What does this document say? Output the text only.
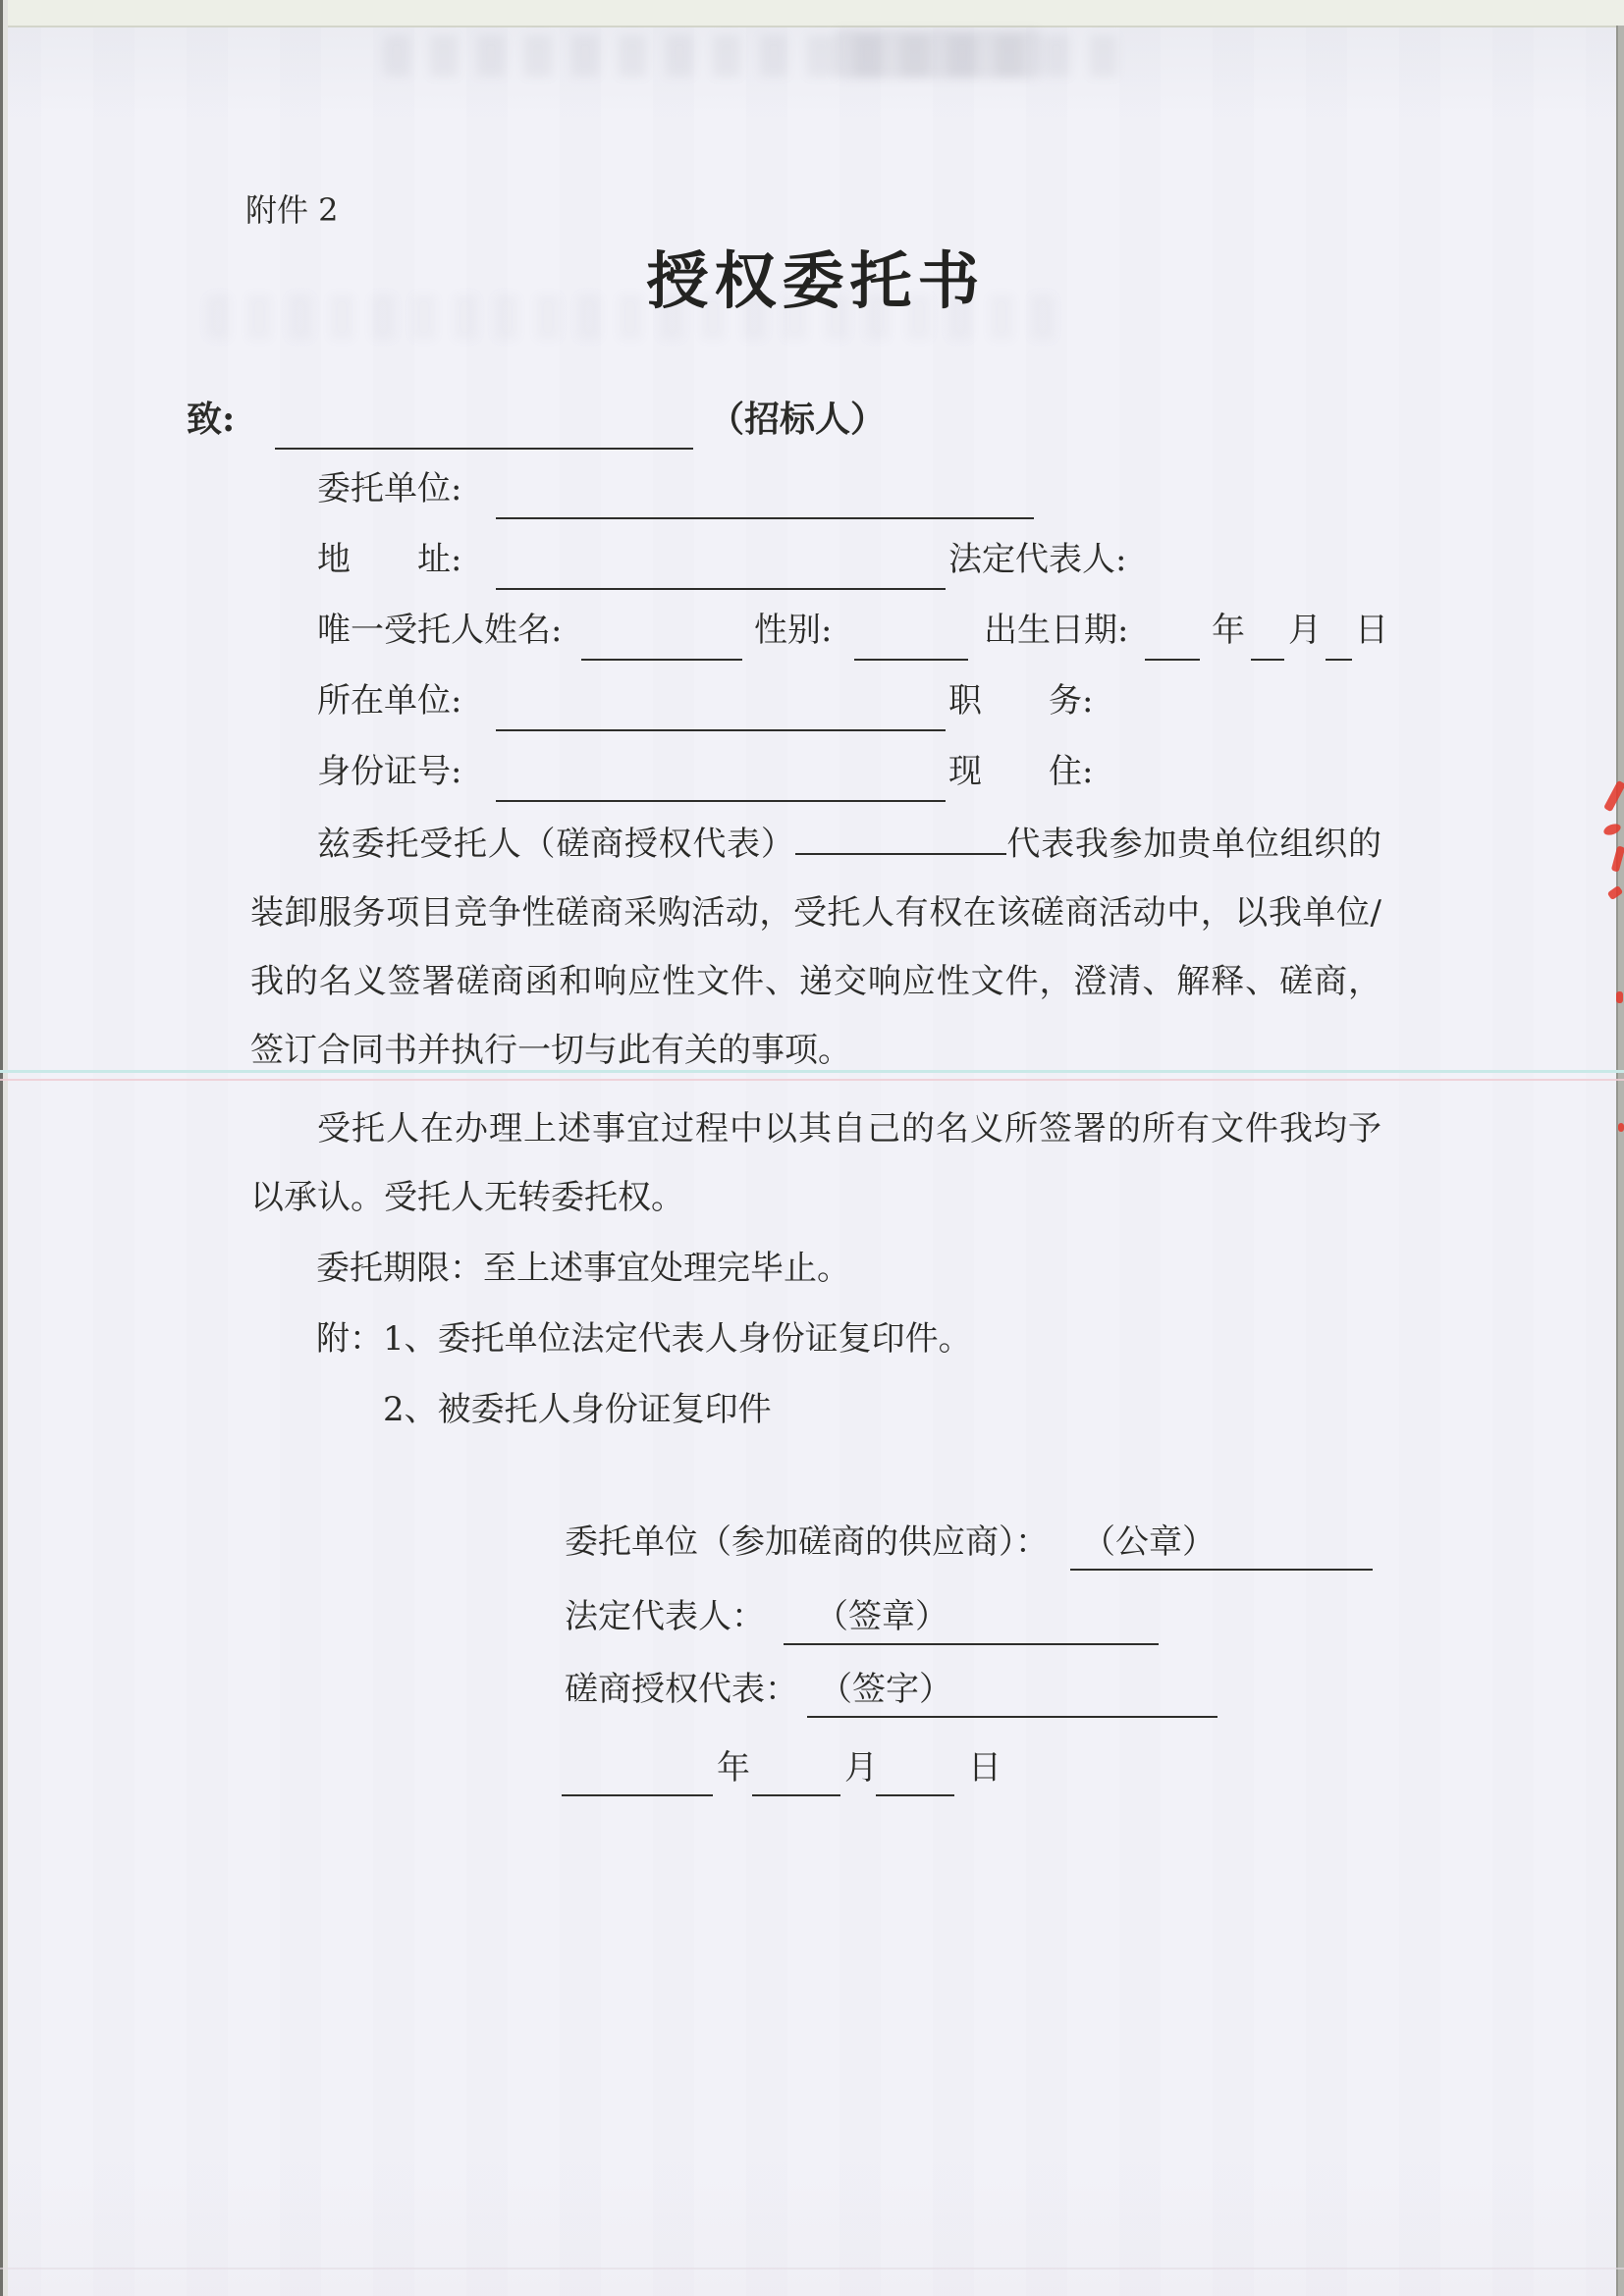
附件 2
授权委托书
致:	（招标人）
委托单位:
地　　址:	法定代表人:
唯一受托人姓名:	性别:	出生日期: 年 月 日
所在单位:	职　　务:
身份证号:	现　　住:

兹委托受托人（磋商授权代表）	代表我参加贵单位组织的装卸服务项目竞争性磋商采购活动，受托人有权在该磋商活动中，以我单位/我的名义签署磋商函和响应性文件、递交响应性文件，澄清、解释、磋商，签订合同书并执行一切与此有关的事项。

受托人在办理上述事宜过程中以其自己的名义所签署的所有文件我均予以承认。受托人无转委托权。

委托期限：至上述事宜处理完毕止。
附：1、委托单位法定代表人身份证复印件。
2、被委托人身份证复印件
委托单位（参加磋商的供应商）： （公章）
法定代表人： （签章）
磋商授权代表： （签字）
年	月	日
